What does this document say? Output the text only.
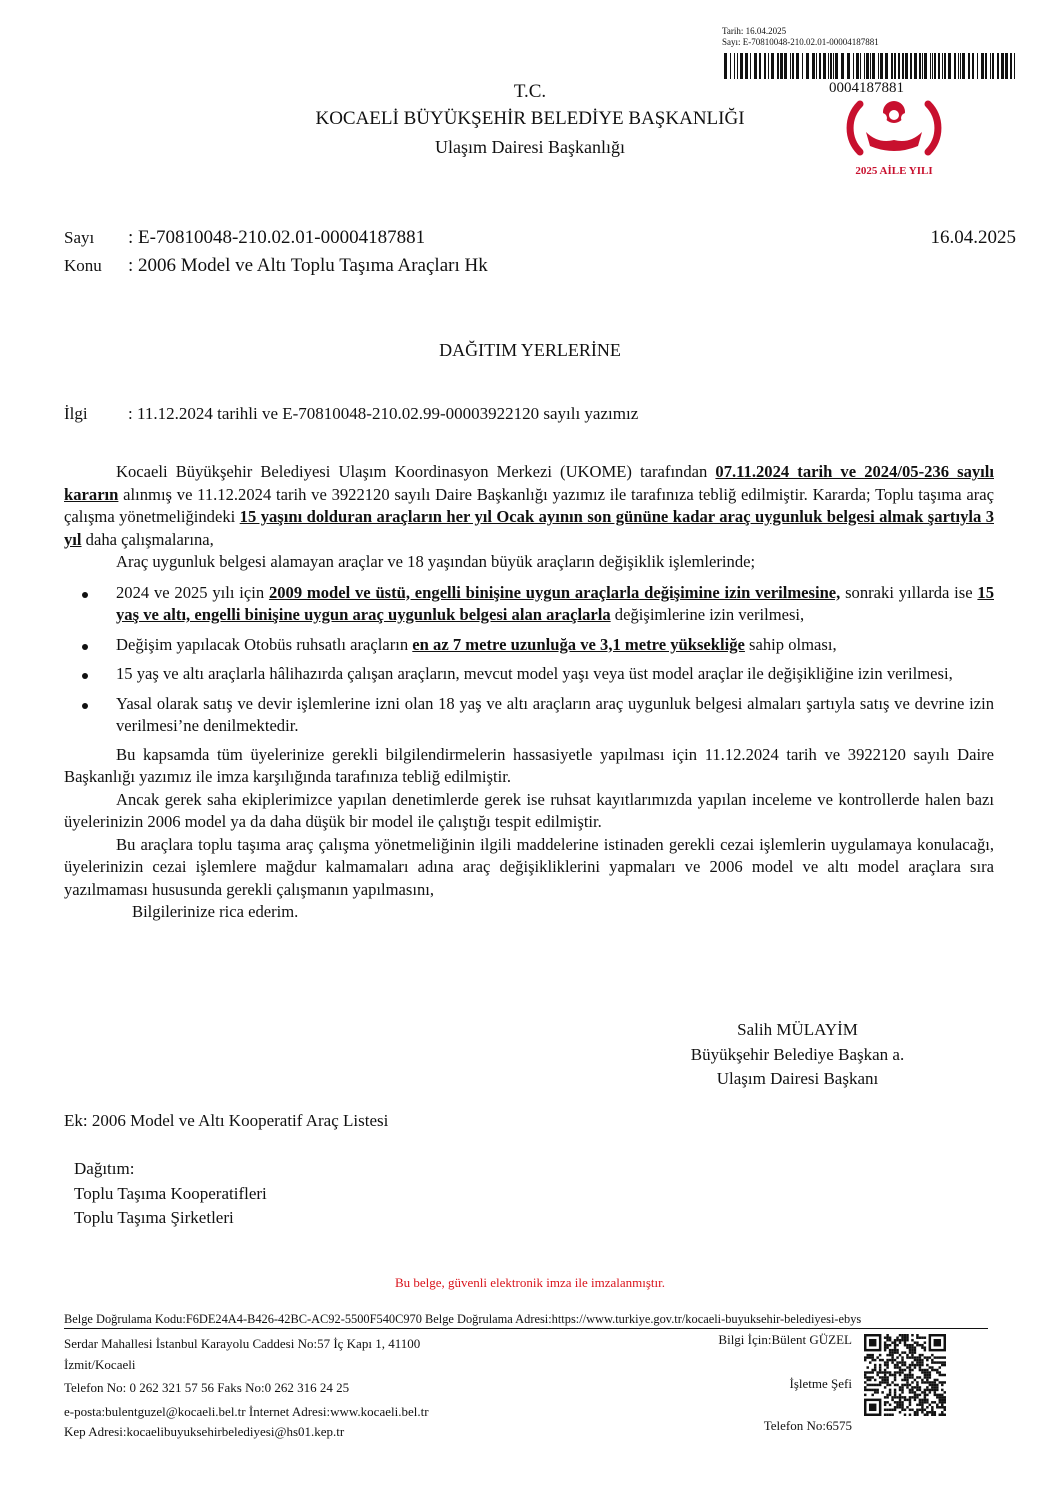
Tarih: 16.04.2025
Sayı: E-70810048-210.02.01-00004187881
0004187881
2025 AİLE YILI
T.C.
KOCAELİ BÜYÜKŞEHİR BELEDİYE BAŞKANLIĞI
Ulaşım Dairesi Başkanlığı
Sayı : E-70810048-210.02.01-00004187881	16.04.2025
Konu : 2006 Model ve Altı Toplu Taşıma Araçları Hk
DAĞITIM YERLERİNE
İlgi : 11.12.2024 tarihli ve E-70810048-210.02.99-00003922120 sayılı yazımız

Kocaeli Büyükşehir Belediyesi Ulaşım Koordinasyon Merkezi (UKOME) tarafından 07.11.2024 tarih ve 2024/05-236 sayılı kararın alınmış ve 11.12.2024 tarih ve 3922120 sayılı Daire Başkanlığı yazımız ile tarafınıza tebliğ edilmiştir. Kararda; Toplu taşıma araç çalışma yönetmeliğindeki 15 yaşını dolduran araçların her yıl Ocak ayının son gününe kadar araç uygunluk belgesi almak şartıyla 3 yıl daha çalışmalarına,

Araç uygunluk belgesi alamayan araçlar ve 18 yaşından büyük araçların değişiklik işlemlerinde;

2024 ve 2025 yılı için 2009 model ve üstü, engelli binişine uygun araçlarla değişimine izin verilmesine, sonraki yıllarda ise 15 yaş ve altı, engelli binişine uygun araç uygunluk belgesi alan araçlarla değişimlerine izin verilmesi,
Değişim yapılacak Otobüs ruhsatlı araçların en az 7 metre uzunluğa ve 3,1 metre yüksekliğe sahip olması,
15 yaş ve altı araçlarla hâlihazırda çalışan araçların, mevcut model yaşı veya üst model araçlar ile değişikliğine izin verilmesi,
Yasal olarak satış ve devir işlemlerine izni olan 18 yaş ve altı araçların araç uygunluk belgesi almaları şartıyla satış ve devrine izin verilmesi’ne denilmektedir.

Bu kapsamda tüm üyelerinize gerekli bilgilendirmelerin hassasiyetle yapılması için 11.12.2024 tarih ve 3922120 sayılı Daire Başkanlığı yazımız ile imza karşılığında tarafınıza tebliğ edilmiştir.

Ancak gerek saha ekiplerimizce yapılan denetimlerde gerek ise ruhsat kayıtlarımızda yapılan inceleme ve kontrollerde halen bazı üyelerinizin 2006 model ya da daha düşük bir model ile çalıştığı tespit edilmiştir.

Bu araçlara toplu taşıma araç çalışma yönetmeliğinin ilgili maddelerine istinaden gerekli cezai işlemlerin uygulamaya konulacağı, üyelerinizin cezai işlemlere mağdur kalmamaları adına araç değişikliklerini yapmaları ve 2006 model ve altı model araçlara sıra yazılmaması hususunda gerekli çalışmanın yapılmasını,

Bilgilerinize rica ederim.

Salih MÜLAYİM
Büyükşehir Belediye Başkan a.
Ulaşım Dairesi Başkanı
Ek: 2006 Model ve Altı Kooperatif Araç Listesi
Dağıtım:
Toplu Taşıma Kooperatifleri
Toplu Taşıma Şirketleri
Bu belge, güvenli elektronik imza ile imzalanmıştır.
Belge Doğrulama Kodu:F6DE24A4-B426-42BC-AC92-5500F540C970 Belge Doğrulama Adresi:https://www.turkiye.gov.tr/kocaeli-buyuksehir-belediyesi-ebys
Serdar Mahallesi İstanbul Karayolu Caddesi No:57 İç Kapı 1, 41100
İzmit/Kocaeli
Telefon No: 0 262 321 57 56 Faks No:0 262 316 24 25
e-posta:bulentguzel@kocaeli.bel.tr İnternet Adresi:www.kocaeli.bel.tr
Kep Adresi:kocaelibuyuksehirbelediyesi@hs01.kep.tr
Bilgi İçin:Bülent GÜZEL
İşletme Şefi
Telefon No:6575
